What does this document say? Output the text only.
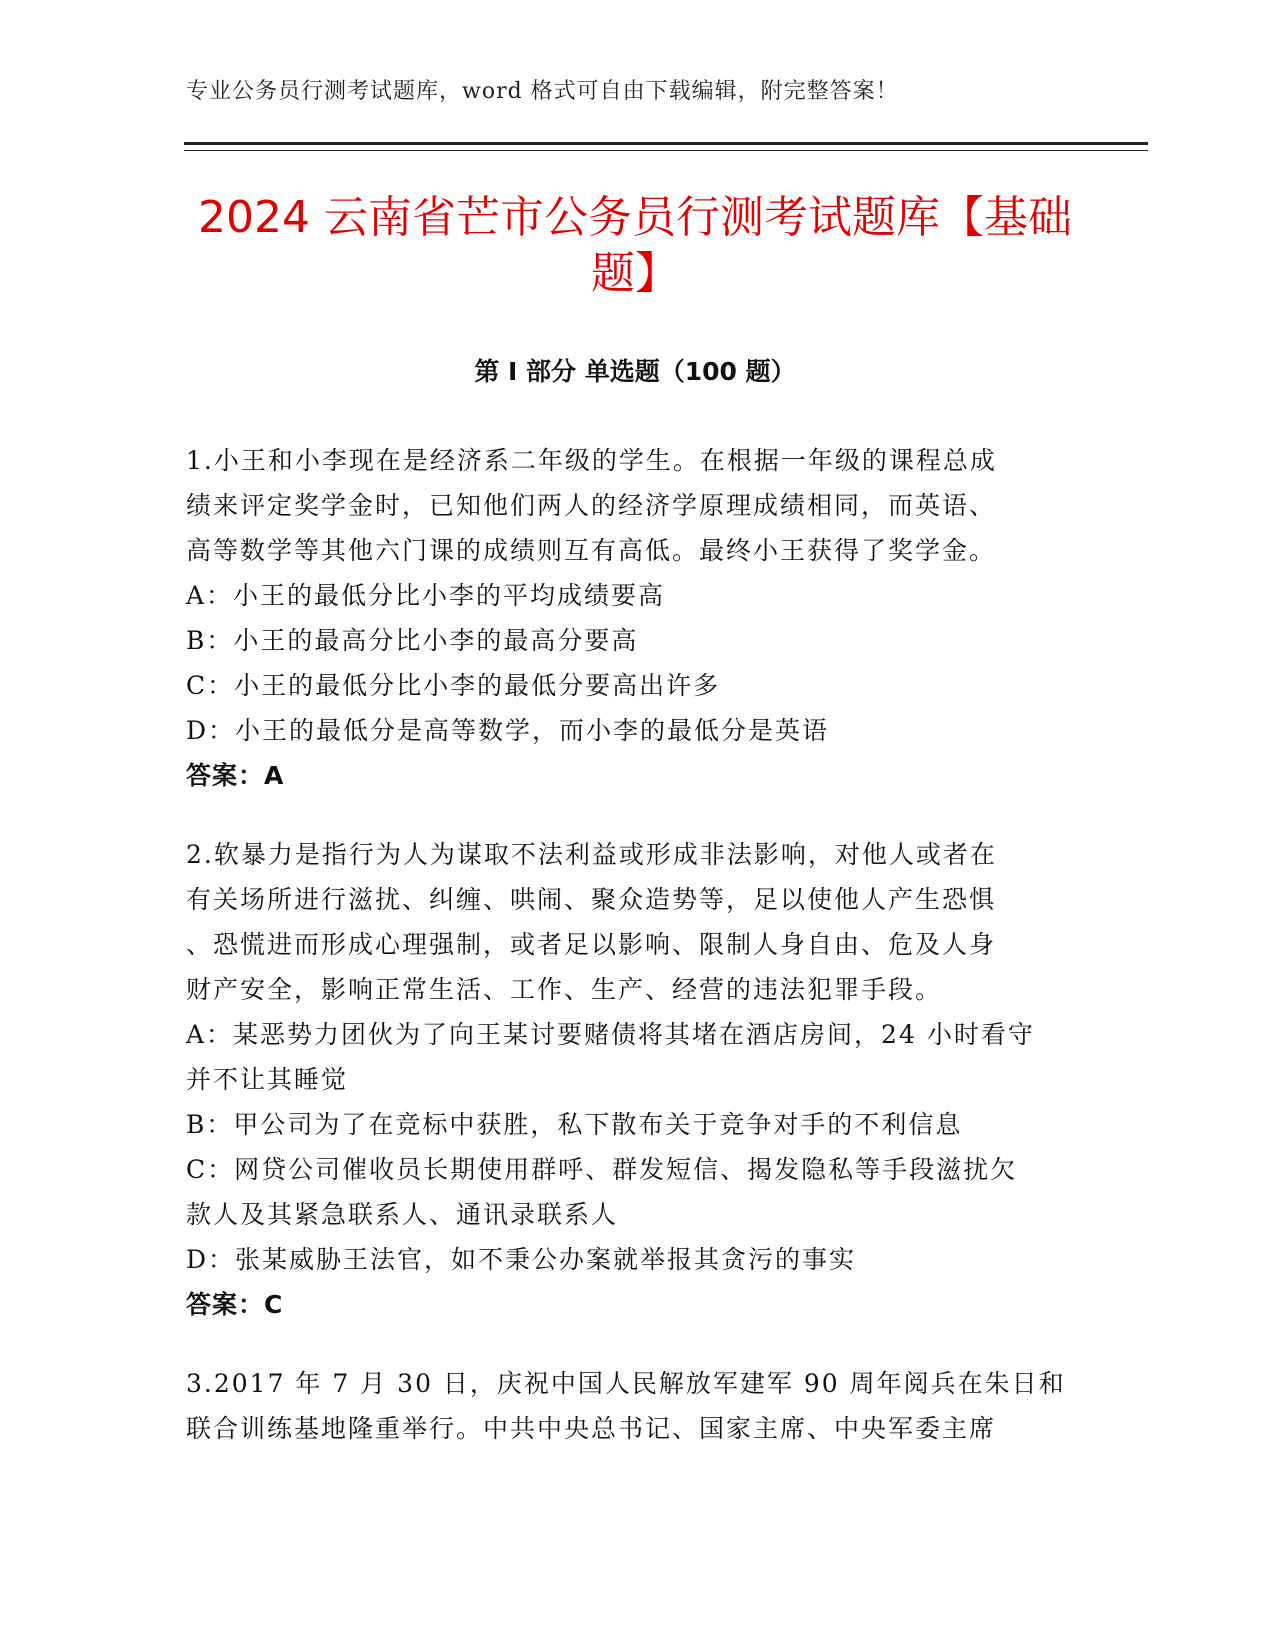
专业公务员行测考试题库，word 格式可自由下载编辑，附完整答案！
2024 云南省芒市公务员行测考试题库【基础
题】
第 I 部分 单选题（100 题）
1.小王和小李现在是经济系二年级的学生。在根据一年级的课程总成
绩来评定奖学金时，已知他们两人的经济学原理成绩相同，而英语、
高等数学等其他六门课的成绩则互有高低。最终小王获得了奖学金。
A：小王的最低分比小李的平均成绩要高
B：小王的最高分比小李的最高分要高
C：小王的最低分比小李的最低分要高出许多
D：小王的最低分是高等数学，而小李的最低分是英语
答案：A
2.软暴力是指行为人为谋取不法利益或形成非法影响，对他人或者在
有关场所进行滋扰、纠缠、哄闹、聚众造势等，足以使他人产生恐惧
、恐慌进而形成心理强制，或者足以影响、限制人身自由、危及人身
财产安全，影响正常生活、工作、生产、经营的违法犯罪手段。
A：某恶势力团伙为了向王某讨要赌债将其堵在酒店房间，24 小时看守
并不让其睡觉
B：甲公司为了在竞标中获胜，私下散布关于竞争对手的不利信息
C：网贷公司催收员长期使用群呼、群发短信、揭发隐私等手段滋扰欠
款人及其紧急联系人、通讯录联系人
D：张某威胁王法官，如不秉公办案就举报其贪污的事实
答案：C
3.2017 年 7 月 30 日，庆祝中国人民解放军建军 90 周年阅兵在朱日和
联合训练基地隆重举行。中共中央总书记、国家主席、中央军委主席
